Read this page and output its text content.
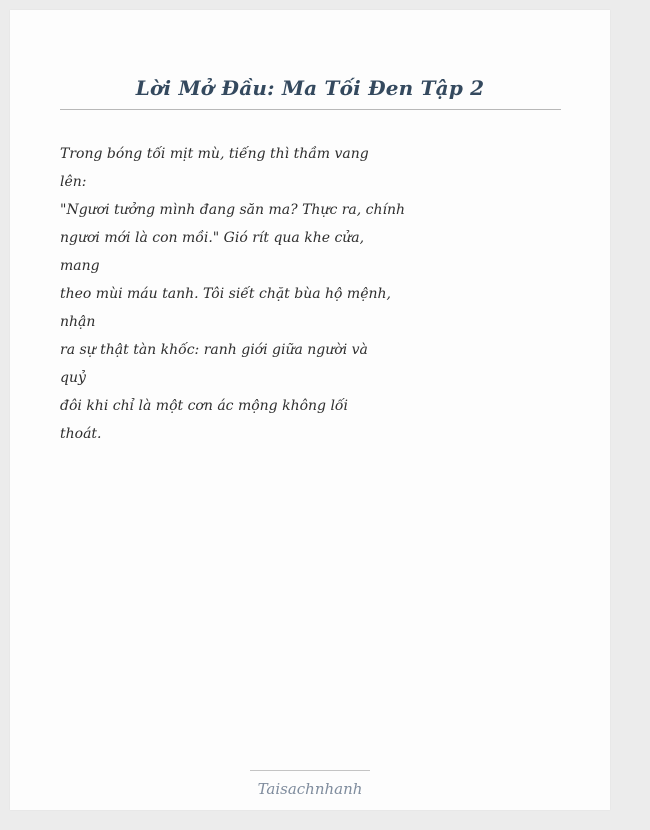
Lời Mở Đầu: Ma Tối Đen Tập 2
Trong bóng tối mịt mù, tiếng thì thầm vang
lên:
"Ngươi tưởng mình đang săn ma? Thực ra, chính
ngươi mới là con mồi." Gió rít qua khe cửa,
mang
theo mùi máu tanh. Tôi siết chặt bùa hộ mệnh,
nhận
ra sự thật tàn khốc: ranh giới giữa người và
quỷ
đôi khi chỉ là một cơn ác mộng không lối
thoát.
Taisachnhanh
